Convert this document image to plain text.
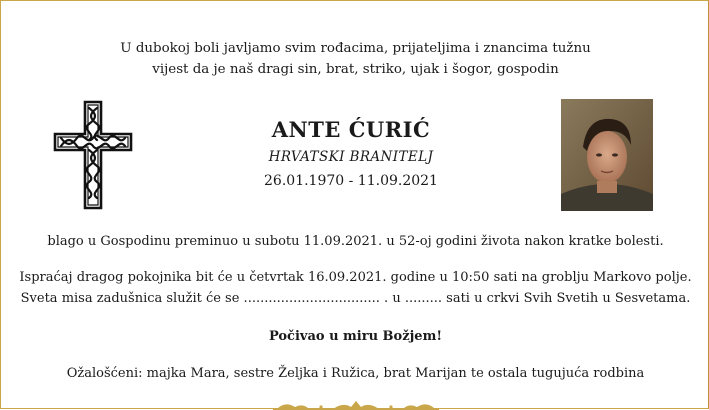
U dubokoj boli javljamo svim rođacima, prijateljima i znancima tužnu
vijest da je naš dragi sin, brat, striko, ujak i šogor, gospodin
ANTE ĆURIĆ
HRVATSKI BRANITELJ
26.01.1970 - 11.09.2021
blago u Gospodinu preminuo u subotu 11.09.2021. u 52-oj godini života nakon kratke bolesti.
Ispraćaj dragog pokojnika bit će u četvrtak 16.09.2021. godine u 10:50 sati na groblju Markovo polje.
Sveta misa zadušnica služit će se ................................. . u ......... sati u crkvi Svih Svetih u Sesvetama.
Počivao u miru Božjem!
Ožalošćeni: majka Mara, sestre Željka i Ružica, brat Marijan te ostala tugujuća rodbina
